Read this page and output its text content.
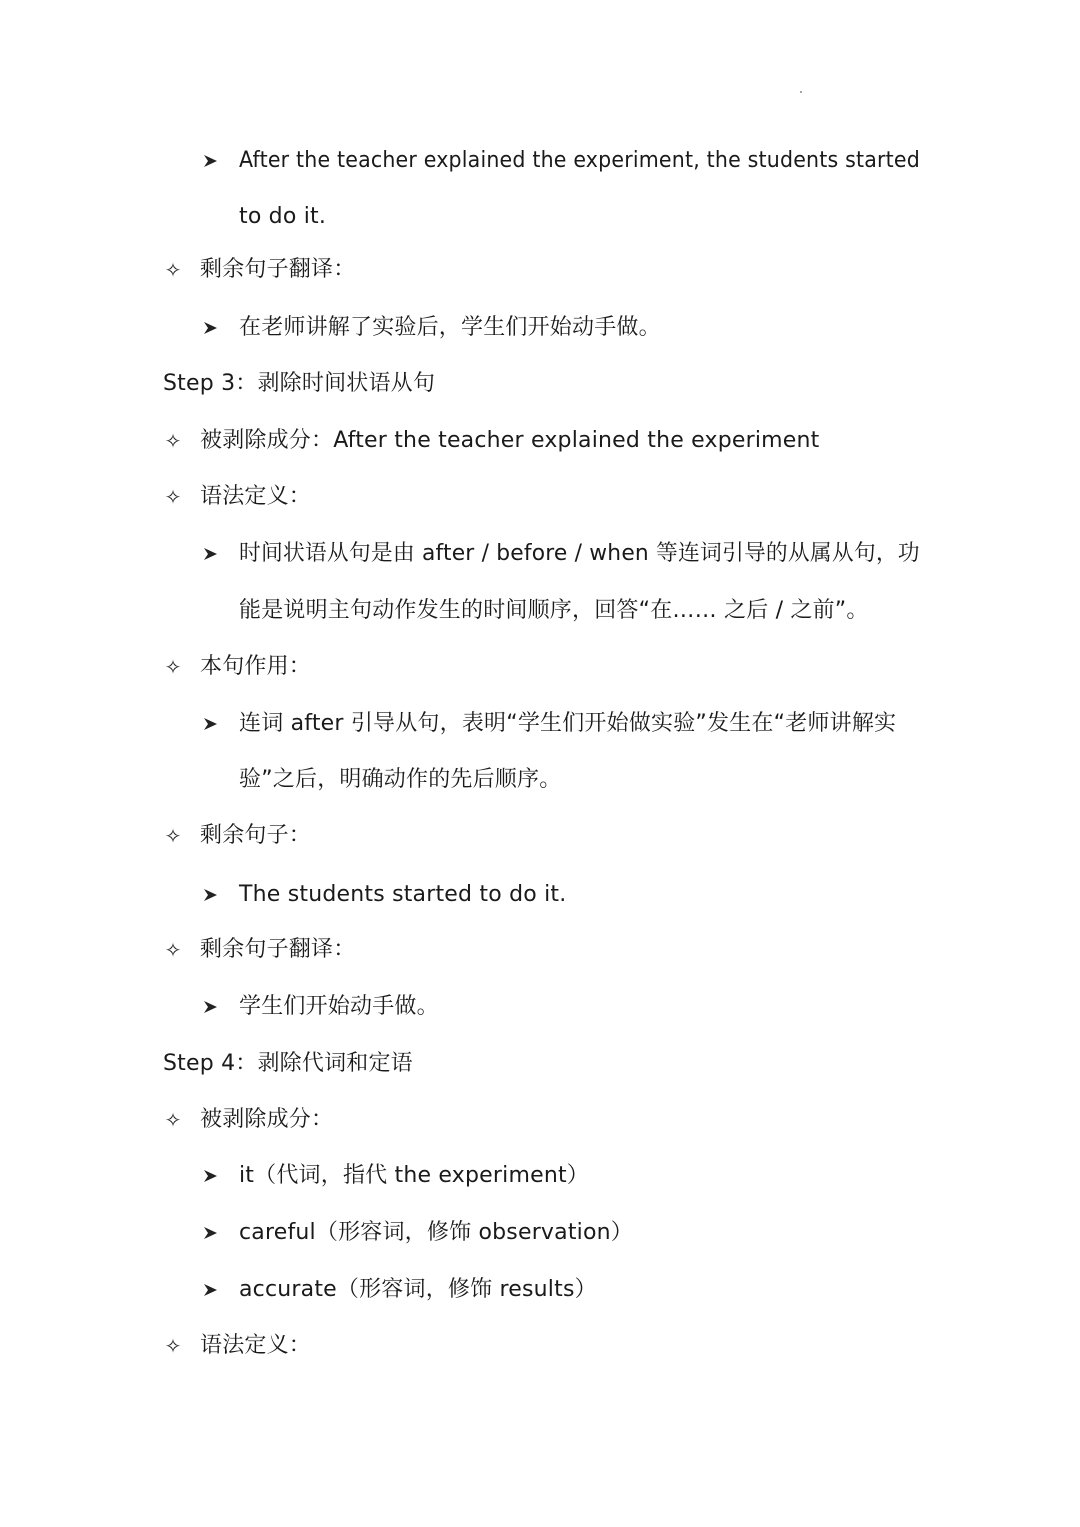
After the teacher explained the experiment, the students started
to do it.
✧ 剩余句子翻译：
在老师讲解了实验后，学生们开始动手做。
Step 3：剥除时间状语从句
✧ 被剥除成分：After the teacher explained the experiment
✧ 语法定义：
时间状语从句是由 after / before / when 等连词引导的从属从句，功
能是说明主句动作发生的时间顺序，回答“在…… 之后 / 之前”。
✧ 本句作用：
连词 after 引导从句，表明“学生们开始做实验”发生在“老师讲解实
验”之后，明确动作的先后顺序。
✧ 剩余句子：
The students started to do it.
✧ 剩余句子翻译：
学生们开始动手做。
Step 4：剥除代词和定语
✧ 被剥除成分：
it（代词，指代 the experiment）
careful（形容词，修饰 observation）
accurate（形容词，修饰 results）
✧ 语法定义：
